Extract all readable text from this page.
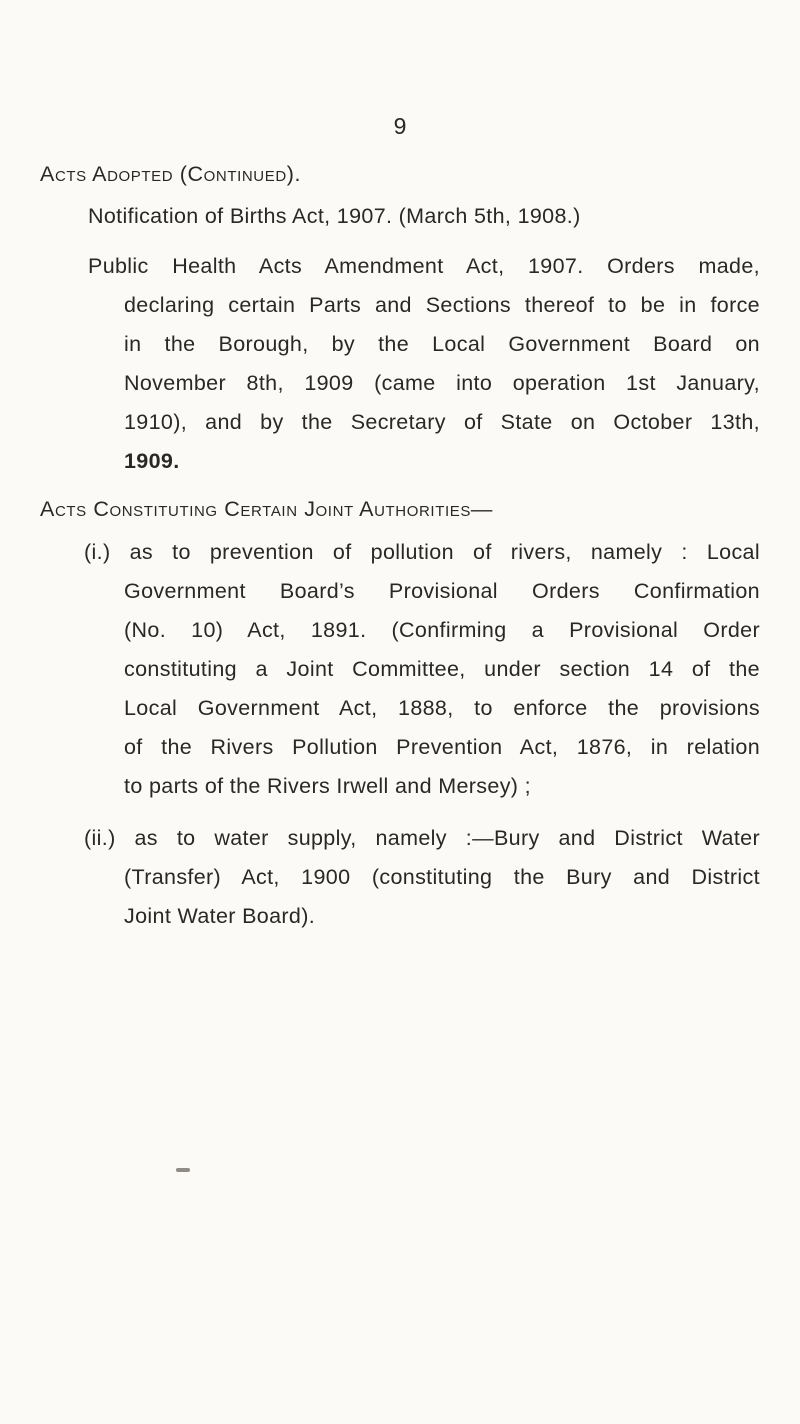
9
Acts Adopted (Continued).
Notification of Births Act, 1907. (March 5th, 1908.)
Public Health Acts Amendment Act, 1907. Orders made,
declaring certain Parts and Sections thereof to be in force
in the Borough, by the Local Government Board on
November 8th, 1909 (came into operation 1st January,
1910), and by the Secretary of State on October 13th,
1909.
Acts Constituting Certain Joint Authorities—
(i.) as to prevention of pollution of rivers, namely : Local
Government Board’s Provisional Orders Confirmation
(No. 10) Act, 1891. (Confirming a Provisional Order
constituting a Joint Committee, under section 14 of the
Local Government Act, 1888, to enforce the provisions
of the Rivers Pollution Prevention Act, 1876, in relation
to parts of the Rivers Irwell and Mersey) ;
(ii.) as to water supply, namely :—Bury and District Water
(Transfer) Act, 1900 (constituting the Bury and District
Joint Water Board).
